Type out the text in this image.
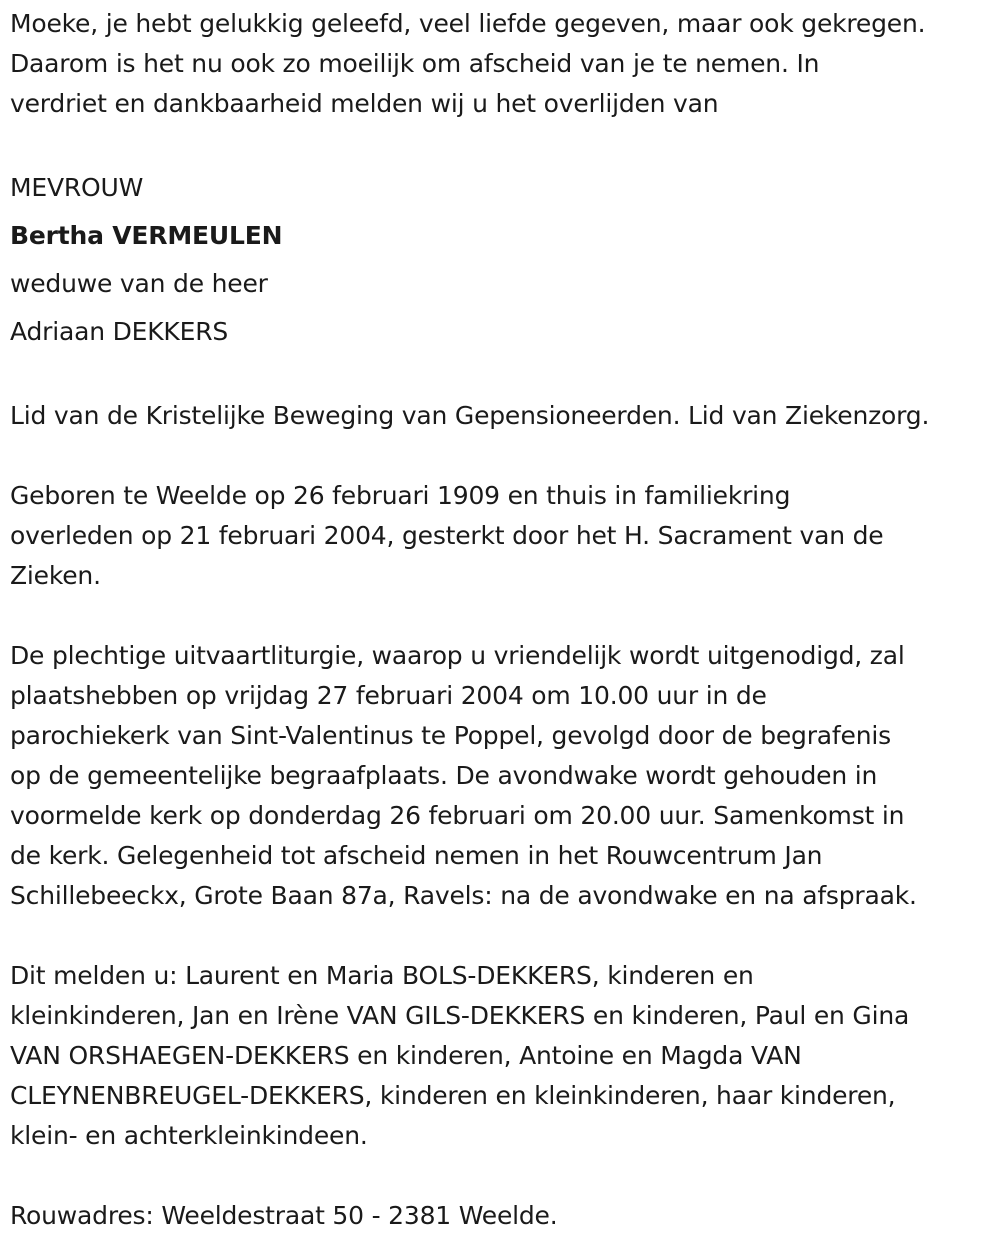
Moeke, je hebt gelukkig geleefd, veel liefde gegeven, maar ook gekregen.

Daarom is het nu ook zo moeilijk om afscheid van je te nemen. In

verdriet en dankbaarheid melden wij u het overlijden van

MEVROUW

Bertha VERMEULEN

weduwe van de heer

Adriaan DEKKERS

Lid van de Kristelijke Beweging van Gepensioneerden. Lid van Ziekenzorg.

Geboren te Weelde op 26 februari 1909 en thuis in familiekring

overleden op 21 februari 2004, gesterkt door het H. Sacrament van de

Zieken.

De plechtige uitvaartliturgie, waarop u vriendelijk wordt uitgenodigd, zal

plaatshebben op vrijdag 27 februari 2004 om 10.00 uur in de

parochiekerk van Sint-Valentinus te Poppel, gevolgd door de begrafenis

op de gemeentelijke begraafplaats. De avondwake wordt gehouden in

voormelde kerk op donderdag 26 februari om 20.00 uur. Samenkomst in

de kerk. Gelegenheid tot afscheid nemen in het Rouwcentrum Jan

Schillebeeckx, Grote Baan 87a, Ravels: na de avondwake en na afspraak.

Dit melden u: Laurent en Maria BOLS-DEKKERS, kinderen en

kleinkinderen, Jan en Irène VAN GILS-DEKKERS en kinderen, Paul en Gina

VAN ORSHAEGEN-DEKKERS en kinderen, Antoine en Magda VAN

CLEYNENBREUGEL-DEKKERS, kinderen en kleinkinderen, haar kinderen,

klein- en achterkleinkindeen.

Rouwadres: Weeldestraat 50 - 2381 Weelde.
